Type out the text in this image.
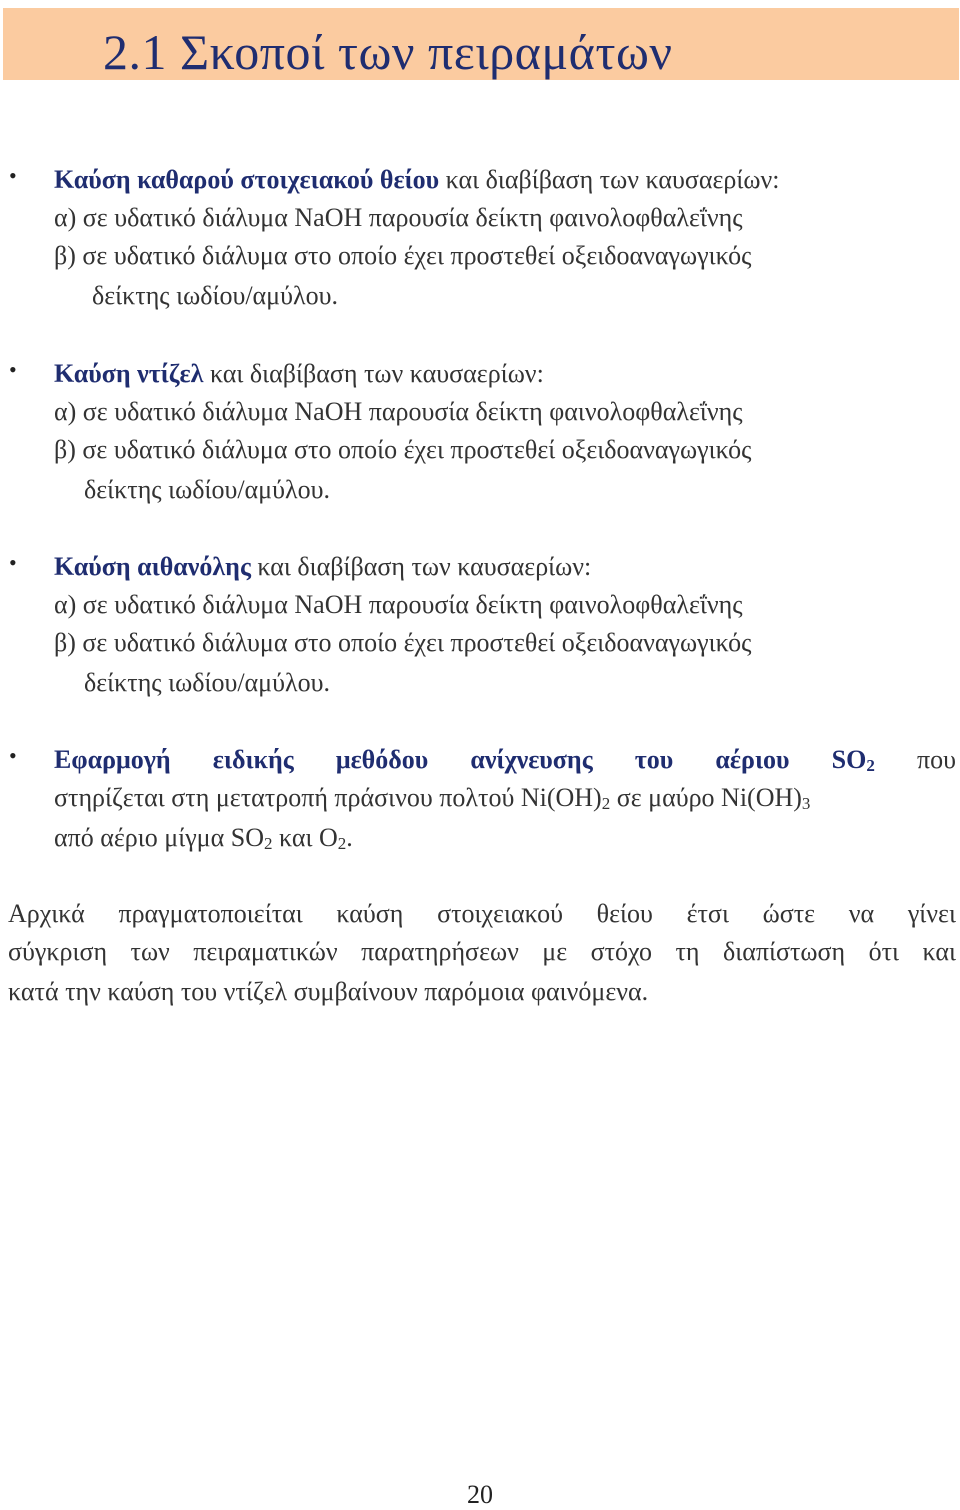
2.1 Σκοποί των πειραμάτων
• Καύση καθαρού στοιχειακού θείου και διαβίβαση των καυσαερίων:
α) σε υδατικό διάλυμα NaOH παρουσία δείκτη φαινολοφθαλεΐνης
β) σε υδατικό διάλυμα στο οποίο έχει προστεθεί οξειδοαναγωγικός
δείκτης ιωδίου/αμύλου.
• Καύση ντίζελ και διαβίβαση των καυσαερίων:
α) σε υδατικό διάλυμα NaOH παρουσία δείκτη φαινολοφθαλεΐνης
β) σε υδατικό διάλυμα στο οποίο έχει προστεθεί οξειδοαναγωγικός
δείκτης ιωδίου/αμύλου.
• Καύση αιθανόλης και διαβίβαση των καυσαερίων:
α) σε υδατικό διάλυμα NaOH παρουσία δείκτη φαινολοφθαλεΐνης
β) σε υδατικό διάλυμα στο οποίο έχει προστεθεί οξειδοαναγωγικός
δείκτης ιωδίου/αμύλου.
• Εφαρμογή ειδικής μεθόδου ανίχνευσης του αέριου $SO_2$ που
στηρίζεται στη μετατροπή πράσινου πολτού $Ni(OH)_2$ σε μαύρο $Ni(OH)_3$
από αέριο μίγμα $SO_2$ και $O_2$.
Αρχικά πραγματοποιείται καύση στοιχειακού θείου έτσι ώστε να γίνει
σύγκριση των πειραματικών παρατηρήσεων με στόχο τη διαπίστωση ότι και
κατά την καύση του ντίζελ συμβαίνουν παρόμοια φαινόμενα.
20
